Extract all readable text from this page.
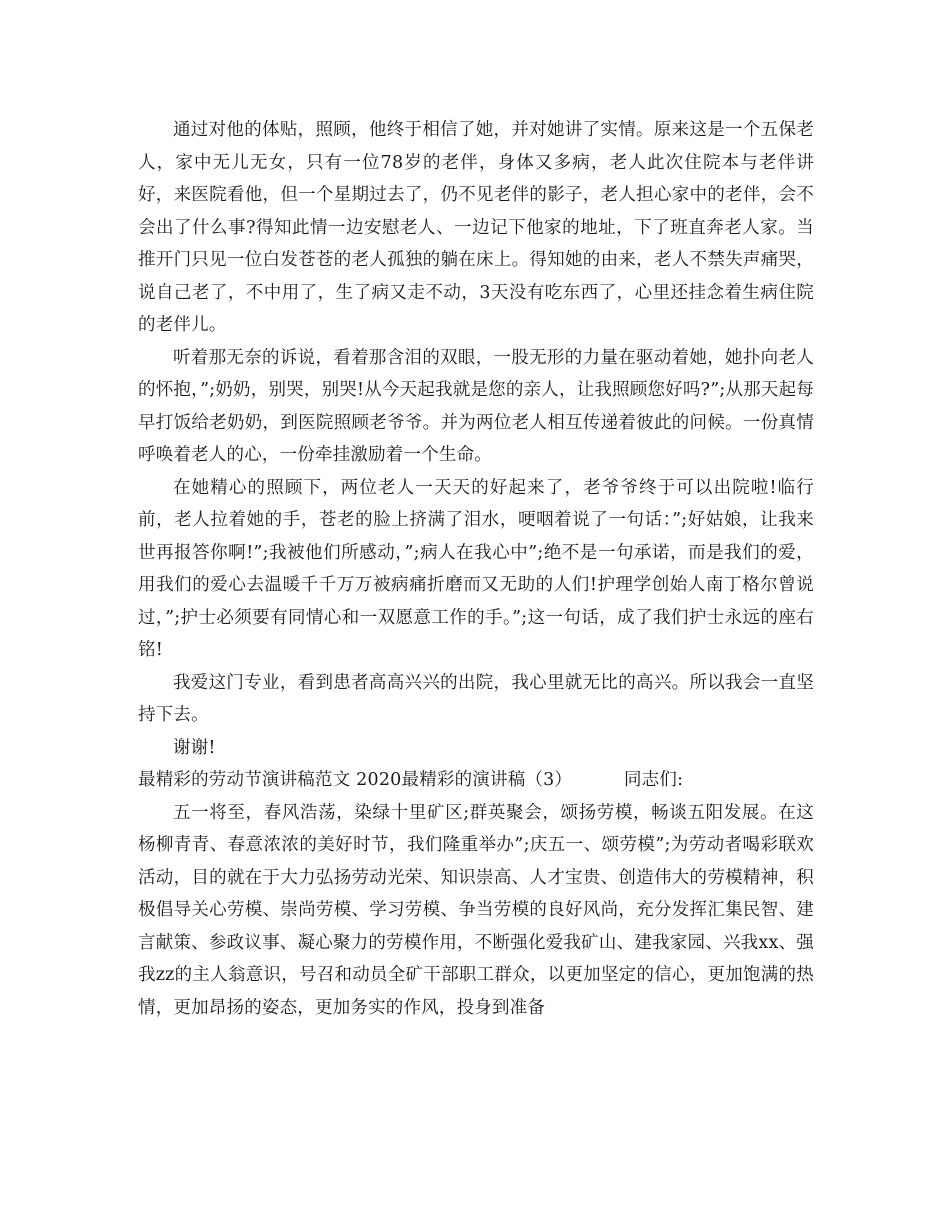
通过对他的体贴，照顾，他终于相信了她，并对她讲了实情。原来这是一个五保老人，家中无儿无女，只有一位78岁的老伴，身体又多病，老人此次住院本与老伴讲好，来医院看他，但一个星期过去了，仍不见老伴的影子，老人担心家中的老伴，会不会出了什么事?得知此情一边安慰老人、一边记下他家的地址，下了班直奔老人家。当推开门只见一位白发苍苍的老人孤独的躺在床上。得知她的由来，老人不禁失声痛哭，说自己老了，不中用了，生了病又走不动，3天没有吃东西了，心里还挂念着生病住院的老伴儿。

听着那无奈的诉说，看着那含泪的双眼，一股无形的力量在驱动着她，她扑向老人的怀抱，”;奶奶，别哭，别哭!从今天起我就是您的亲人，让我照顾您好吗?”;从那天起每早打饭给老奶奶，到医院照顾老爷爷。并为两位老人相互传递着彼此的问候。一份真情呼唤着老人的心，一份牵挂激励着一个生命。

在她精心的照顾下，两位老人一天天的好起来了，老爷爷终于可以出院啦!临行前，老人拉着她的手，苍老的脸上挤满了泪水，哽咽着说了一句话：”;好姑娘，让我来世再报答你啊!”;我被他们所感动，”;病人在我心中”;绝不是一句承诺，而是我们的爱，用我们的爱心去温暖千千万万被病痛折磨而又无助的人们!护理学创始人南丁格尔曾说过，”;护士必须要有同情心和一双愿意工作的手。”;这一句话，成了我们护士永远的座右铭!

我爱这门专业，看到患者高高兴兴的出院，我心里就无比的高兴。所以我会一直坚持下去。

谢谢!

最精彩的劳动节演讲稿范文 2020最精彩的演讲稿（3）         同志们:

五一将至，春风浩荡，染绿十里矿区;群英聚会，颂扬劳模，畅谈五阳发展。在这杨柳青青、春意浓浓的美好时节，我们隆重举办”;庆五一、颂劳模”;为劳动者喝彩联欢活动，目的就在于大力弘扬劳动光荣、知识崇高、人才宝贵、创造伟大的劳模精神，积极倡导关心劳模、崇尚劳模、学习劳模、争当劳模的良好风尚，充分发挥汇集民智、建言献策、参政议事、凝心聚力的劳模作用，不断强化爱我矿山、建我家园、兴我xx、强我zz的主人翁意识，号召和动员全矿干部职工群众，以更加坚定的信心，更加饱满的热情，更加昂扬的姿态，更加务实的作风，投身到准备
